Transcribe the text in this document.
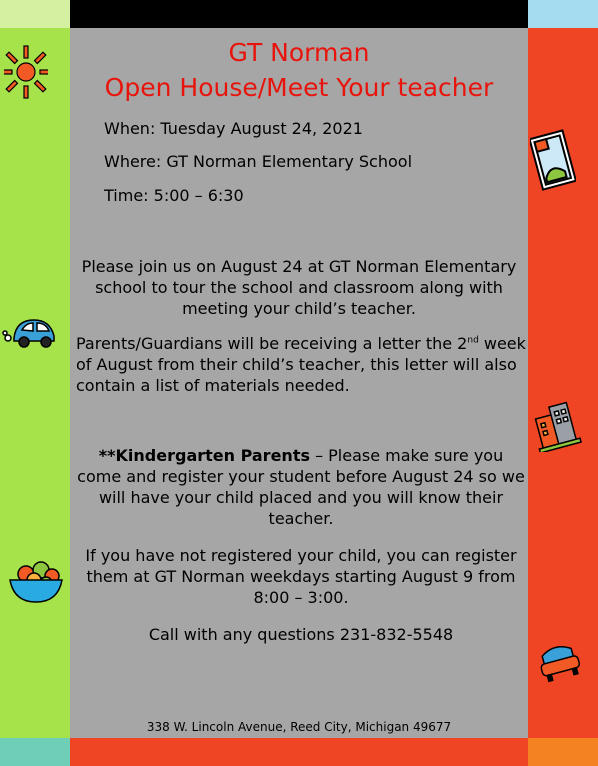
GT Norman
Open House/Meet Your teacher
When: Tuesday August 24, 2021
Where: GT Norman Elementary School
Time: 5:00 – 6:30
Please join us on August 24 at GT Norman Elementary school to tour the school and classroom along with meeting your child’s teacher.
Parents/Guardians will be receiving a letter the 2nd week of August from their child’s teacher, this letter will also contain a list of materials needed.
**Kindergarten Parents – Please make sure you come and register your student before August 24 so we will have your child placed and you will know their teacher.
If you have not registered your child, you can register them at GT Norman weekdays starting August 9 from 8:00 – 3:00.
Call with any questions 231-832-5548
338 W. Lincoln Avenue, Reed City, Michigan 49677
